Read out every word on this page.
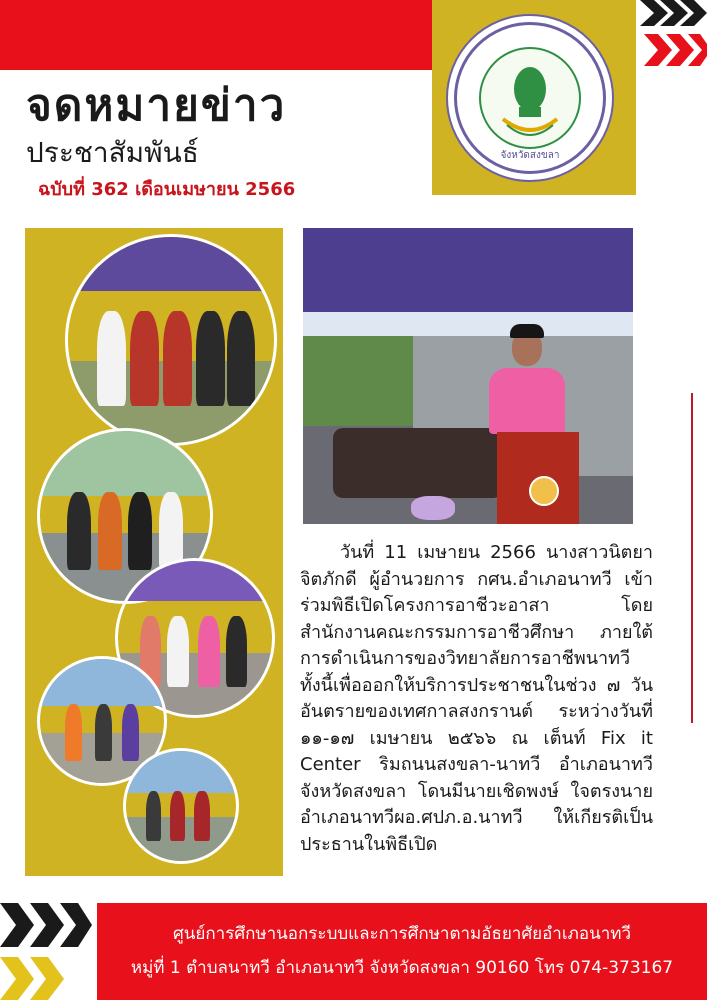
จังหวัดสงขลา
จดหมายข่าว
ประชาสัมพันธ์
ฉบับที่ 362 เดือนเมษายน 2566
วันที่ 11 เมษายน 2566 นางสาวนิตยา จิตภักดี ผู้อำนวยการ กศน.อำเภอนาทวี เข้าร่วมพิธีเปิดโครงการอาชีวะอาสา โดยสำนักงานคณะกรรมการอาชีวศึกษา ภายใต้การดำเนินการของวิทยาลัยการอาชีพนาทวี ทั้งนี้เพื่อออกให้บริการประชาชนในช่วง ๗ วันอันตรายของเทศกาลสงกรานต์ ระหว่างวันที่ ๑๑-๑๗ เมษายน ๒๕๖๖ ณ เต็นท์ Fix it Center ริมถนนสงขลา-นาทวี อำเภอนาทวี จังหวัดสงขลา โดนมีนายเชิดพงษ์ ใจตรงนายอำเภอนาทวีผอ.ศปภ.อ.นาทวี ให้เกียรติเป็นประธานในพิธีเปิด
ศูนย์การศึกษานอกระบบและการศึกษาตามอัธยาศัยอำเภอนาทวี
หมู่ที่ 1 ตำบลนาทวี อำเภอนาทวี จังหวัดสงขลา 90160 โทร 074-373167
